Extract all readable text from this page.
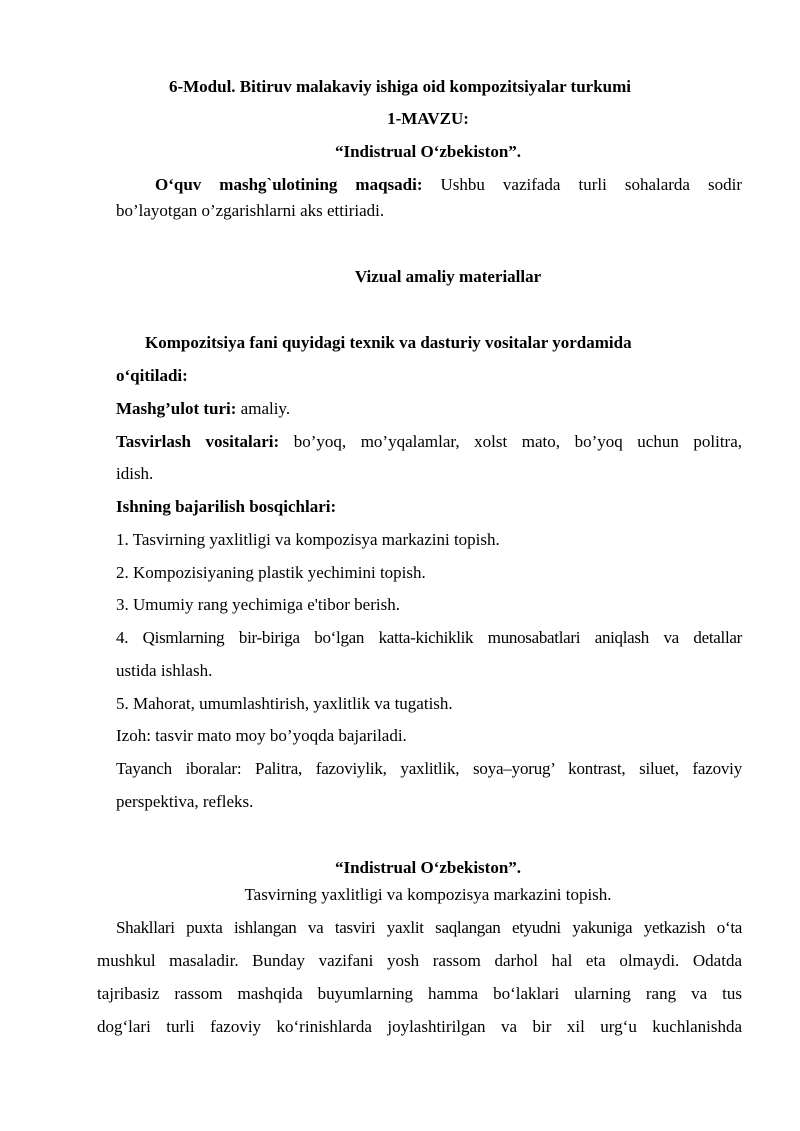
6-Modul. Bitiruv malakaviy ishiga oid kompozitsiyalar turkumi
1-MAVZU:
“Indistrual O‘zbekiston”.
O‘quv mashg`ulotining maqsadi: Ushbu vazifada turli sohalarda sodir
bo’layotgan o’zgarishlarni aks ettiriadi.
Vizual amaliy materiallar
Kompozitsiya fani quyidagi texnik va dasturiy vositalar yordamida
o‘qitiladi:
Mashg’ulot turi: amaliy.
Tasvirlash vositalari: bo’yoq, mo’yqalamlar, xolst mato, bo’yoq uchun politra,
idish.
Ishning bajarilish bosqichlari:
1. Tasvirning yaxlitligi va kompozisya markazini topish.
2. Kompozisiyaning plastik yechimini topish.
3. Umumiy rang yechimiga e'tibor berish.
4. Qismlarning bir-biriga bo‘lgan katta-kichiklik munosabatlari aniqlash va detallar
ustida ishlash.
5. Mahorat, umumlashtirish, yaxlitlik va tugatish.
Izoh: tasvir mato moy bo’yoqda bajariladi.
Tayanch iboralar: Palitra, fazoviylik, yaxlitlik, soya–yorug’ kontrast, siluet, fazoviy
perspektiva, refleks.
“Indistrual O‘zbekiston”.
Tasvirning yaxlitligi va kompozisya markazini topish.
Shakllari puxta ishlangan va tasviri yaxlit saqlangan etyudni yakuniga yetkazish o‘ta
mushkul masaladir. Bunday vazifani yosh rassom darhol hal eta olmaydi. Odatda
tajribasiz rassom mashqida buyumlarning hamma bo‘laklari ularning rang va tus
dog‘lari turli fazoviy ko‘rinishlarda joylashtirilgan va bir xil urg‘u kuchlanishda
